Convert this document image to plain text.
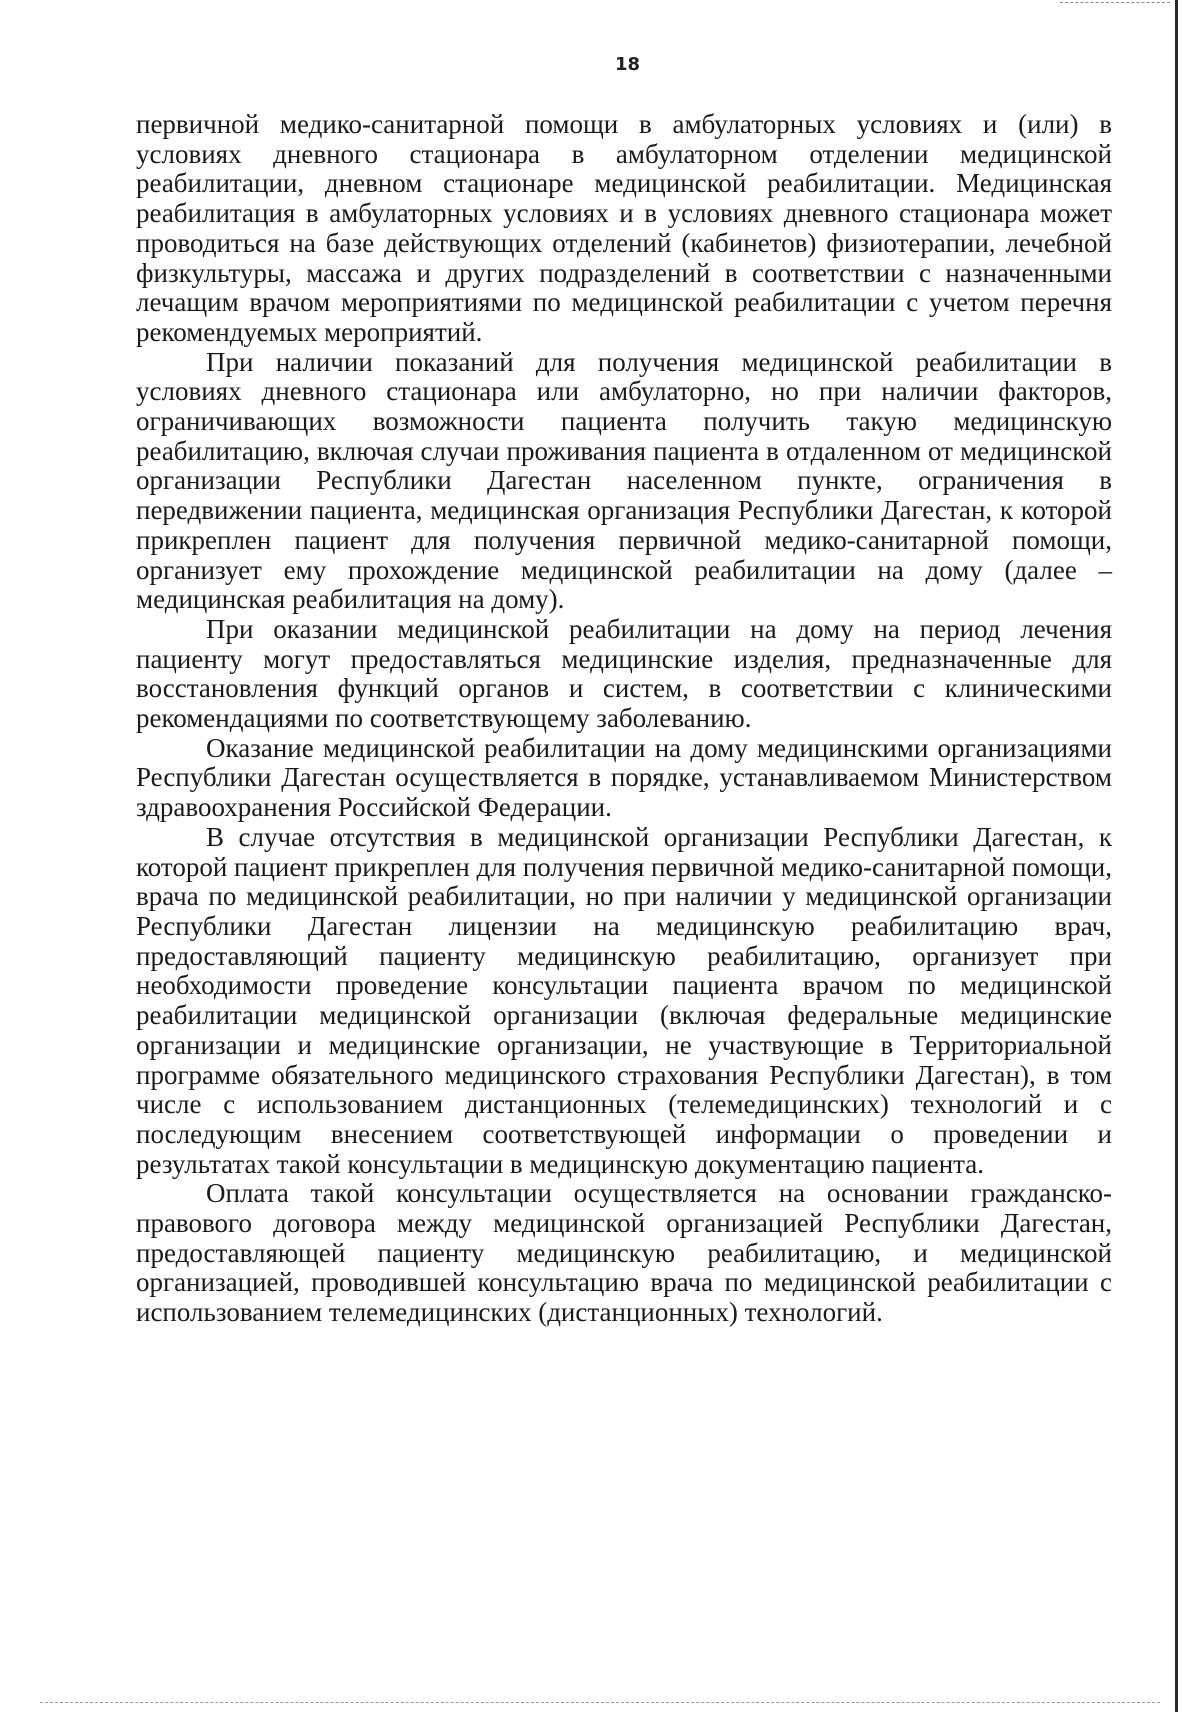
18

первичной медико-санитарной помощи в амбулаторных условиях и (или) в условиях дневного стационара в амбулаторном отделении медицинской реабилитации, дневном стационаре медицинской реабилитации. Медицинская реабилитация в амбулаторных условиях и в условиях дневного стационара может проводиться на базе действующих отделений (кабинетов) физиотерапии, лечебной физкультуры, массажа и других подразделений в соответствии с назначенными лечащим врачом мероприятиями по медицинской реабилитации с учетом перечня рекомендуемых мероприятий.

При наличии показаний для получения медицинской реабилитации в условиях дневного стационара или амбулаторно, но при наличии факторов, ограничивающих возможности пациента получить такую медицинскую реабилитацию, включая случаи проживания пациента в отдаленном от медицинской организации Республики Дагестан населенном пункте, ограничения в передвижении пациента, медицинская организация Республики Дагестан, к которой прикреплен пациент для получения первичной медико-санитарной помощи, организует ему прохождение медицинской реабилитации на дому (далее – медицинская реабилитация на дому).

При оказании медицинской реабилитации на дому на период лечения пациенту могут предоставляться медицинские изделия, предназначенные для восстановления функций органов и систем, в соответствии с клиническими рекомендациями по соответствующему заболеванию.

Оказание медицинской реабилитации на дому медицинскими организациями Республики Дагестан осуществляется в порядке, устанавливаемом Министерством здравоохранения Российской Федерации.

В случае отсутствия в медицинской организации Республики Дагестан, к которой пациент прикреплен для получения первичной медико-санитарной помощи, врача по медицинской реабилитации, но при наличии у медицинской организации Республики Дагестан лицензии на медицинскую реабилитацию врач, предоставляющий пациенту медицинскую реабилитацию, организует при необходимости проведение консультации пациента врачом по медицинской реабилитации медицинской организации (включая федеральные медицинские организации и медицинские организации, не участвующие в Территориальной программе обязательного медицинского страхования Республики Дагестан), в том числе с использованием дистанционных (телемедицинских) технологий и с последующим внесением соответствующей информации о проведении и результатах такой консультации в медицинскую документацию пациента.

Оплата такой консультации осуществляется на основании гражданско-правового договора между медицинской организацией Республики Дагестан, предоставляющей пациенту медицинскую реабилитацию, и медицинской организацией, проводившей консультацию врача по медицинской реабилитации с использованием телемедицинских (дистанционных) технологий.
